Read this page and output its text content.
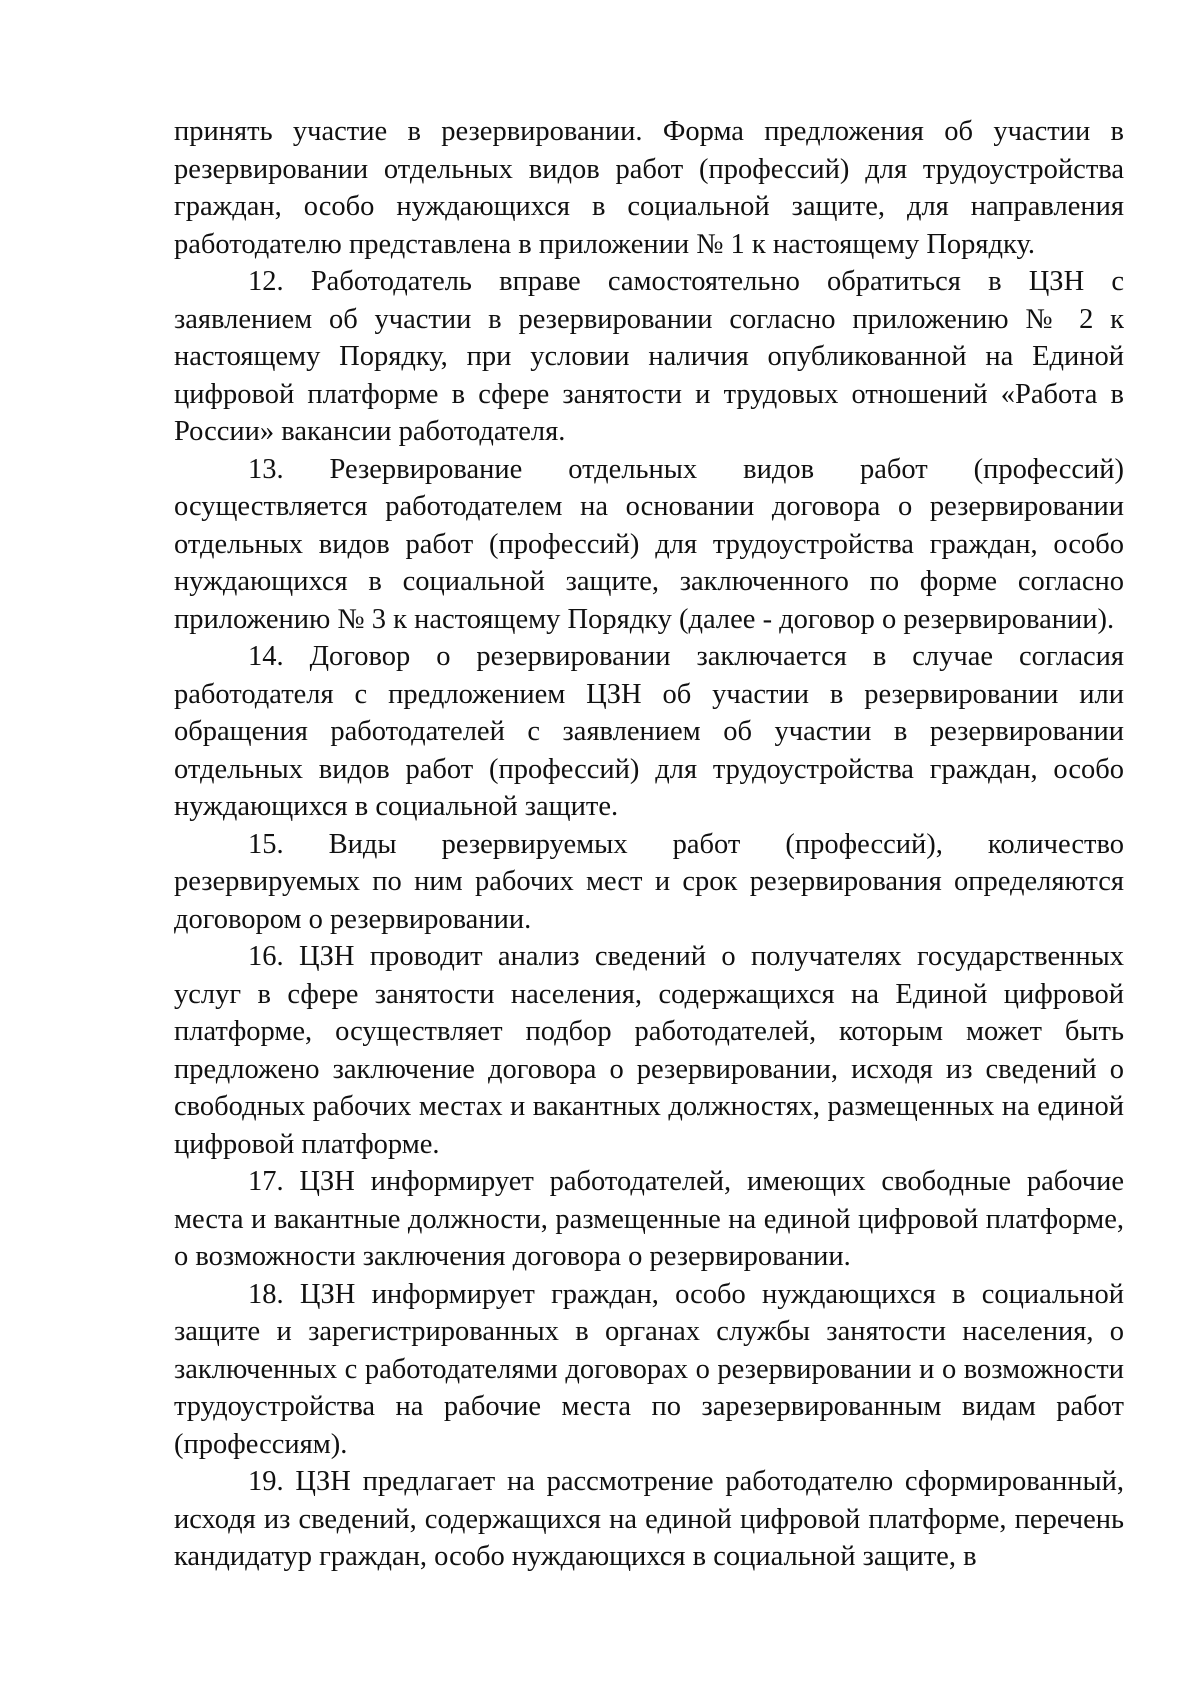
принять участие в резервировании. Форма предложения об участии в резервировании отдельных видов работ (профессий) для трудоустройства граждан, особо нуждающихся в социальной защите, для направления работодателю представлена в приложении № 1 к настоящему Порядку.

12. Работодатель вправе самостоятельно обратиться в ЦЗН с заявлением об участии в резервировании согласно приложению № 2 к настоящему Порядку, при условии наличия опубликованной на Единой цифровой платформе в сфере занятости и трудовых отношений «Работа в России» вакансии работодателя.

13. Резервирование отдельных видов работ (профессий) осуществляется работодателем на основании договора о резервировании отдельных видов работ (профессий) для трудоустройства граждан, особо нуждающихся в социальной защите, заключенного по форме согласно приложению № 3 к настоящему Порядку (далее - договор о резервировании).

14. Договор о резервировании заключается в случае согласия работодателя с предложением ЦЗН об участии в резервировании или обращения работодателей с заявлением об участии в резервировании отдельных видов работ (профессий) для трудоустройства граждан, особо нуждающихся в социальной защите.

15. Виды резервируемых работ (профессий), количество резервируемых по ним рабочих мест и срок резервирования определяются договором о резервировании.

16. ЦЗН проводит анализ сведений о получателях государственных услуг в сфере занятости населения, содержащихся на Единой цифровой платформе, осуществляет подбор работодателей, которым может быть предложено заключение договора о резервировании, исходя из сведений о свободных рабочих местах и вакантных должностях, размещенных на единой цифровой платформе.

17. ЦЗН информирует работодателей, имеющих свободные рабочие места и вакантные должности, размещенные на единой цифровой платформе, о возможности заключения договора о резервировании.

18. ЦЗН информирует граждан, особо нуждающихся в социальной защите и зарегистрированных в органах службы занятости населения, о заключенных с работодателями договорах о резервировании и о возможности трудоустройства на рабочие места по зарезервированным видам работ (профессиям).

19. ЦЗН предлагает на рассмотрение работодателю сформированный, исходя из сведений, содержащихся на единой цифровой платформе, перечень кандидатур граждан, особо нуждающихся в социальной защите, в
